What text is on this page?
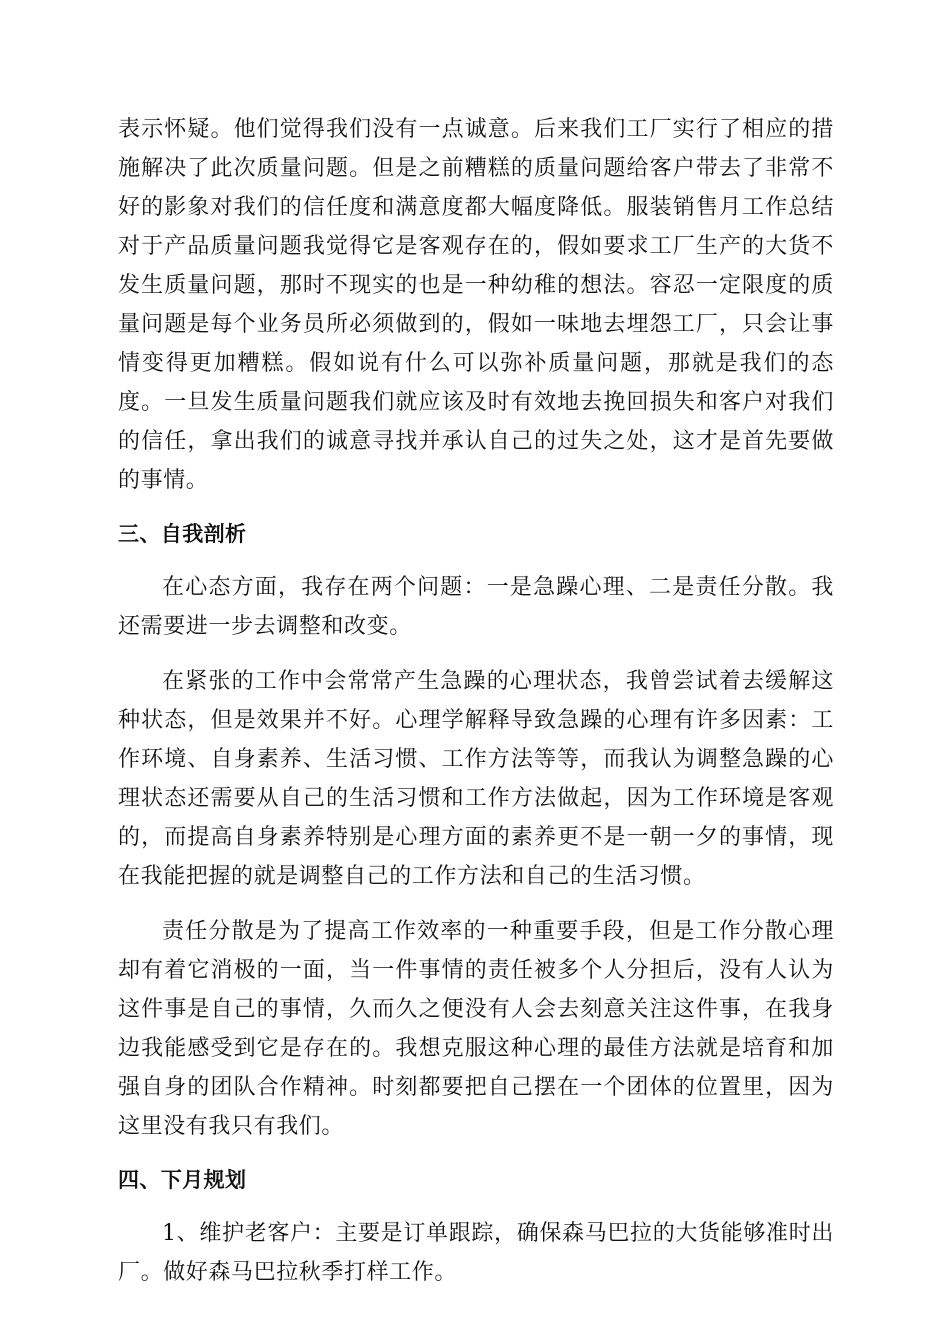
表示怀疑。他们觉得我们没有一点诚意。后来我们工厂实行了相应的措施解决了此次质量问题。但是之前糟糕的质量问题给客户带去了非常不好的影象对我们的信任度和满意度都大幅度降低。服装销售月工作总结对于产品质量问题我觉得它是客观存在的，假如要求工厂生产的大货不发生质量问题，那时不现实的也是一种幼稚的想法。容忍一定限度的质量问题是每个业务员所必须做到的，假如一味地去埋怨工厂，只会让事情变得更加糟糕。假如说有什么可以弥补质量问题，那就是我们的态度。一旦发生质量问题我们就应该及时有效地去挽回损失和客户对我们的信任，拿出我们的诚意寻找并承认自己的过失之处，这才是首先要做的事情。

三、自我剖析

在心态方面，我存在两个问题：一是急躁心理、二是责任分散。我还需要进一步去调整和改变。

在紧张的工作中会常常产生急躁的心理状态，我曾尝试着去缓解这种状态，但是效果并不好。心理学解释导致急躁的心理有许多因素：工作环境、自身素养、生活习惯、工作方法等等，而我认为调整急躁的心理状态还需要从自己的生活习惯和工作方法做起，因为工作环境是客观的，而提高自身素养特别是心理方面的素养更不是一朝一夕的事情，现在我能把握的就是调整自己的工作方法和自己的生活习惯。

责任分散是为了提高工作效率的一种重要手段，但是工作分散心理却有着它消极的一面，当一件事情的责任被多个人分担后，没有人认为这件事是自己的事情，久而久之便没有人会去刻意关注这件事，在我身边我能感受到它是存在的。我想克服这种心理的最佳方法就是培育和加强自身的团队合作精神。时刻都要把自己摆在一个团体的位置里，因为这里没有我只有我们。

四、下月规划

1、维护老客户：主要是订单跟踪，确保森马巴拉的大货能够准时出厂。做好森马巴拉秋季打样工作。
